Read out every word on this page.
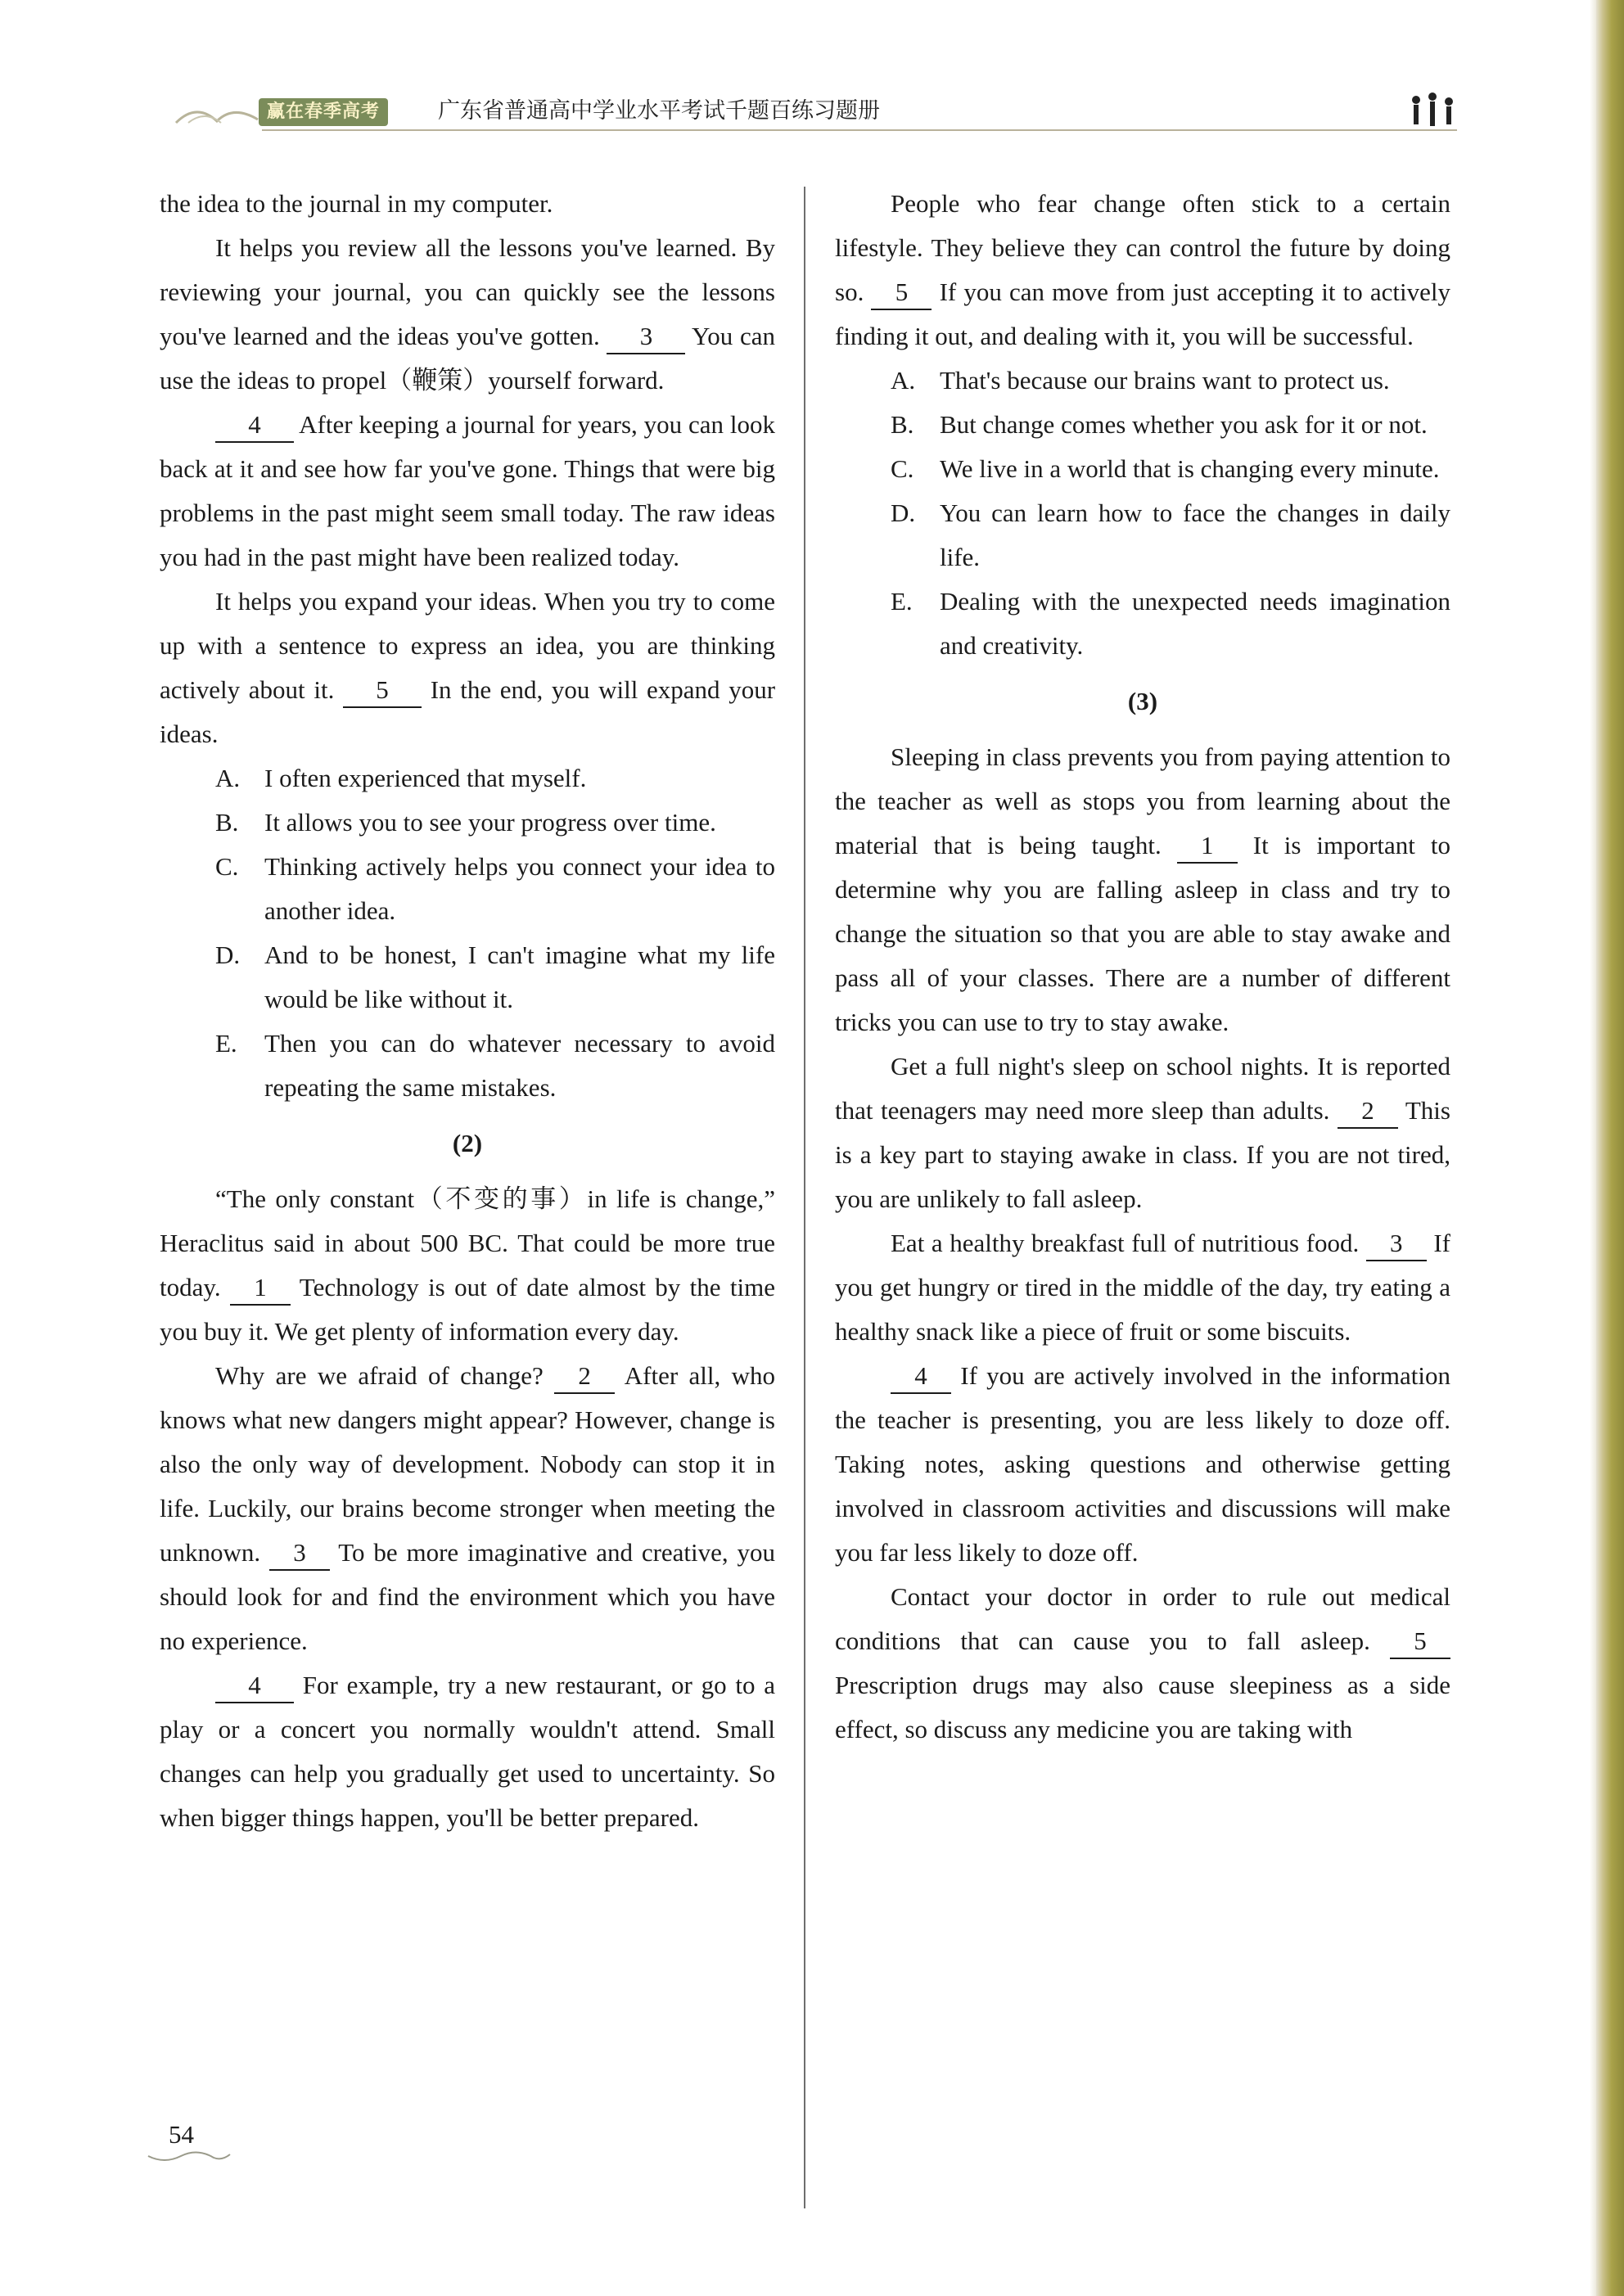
赢在春季高考	广东省普通高中学业水平考试千题百练习题册

the idea to the journal in my computer.

It helps you review all the lessons you've learned. By reviewing your journal, you can quickly see the lessons you've learned and the ideas you've gotten. 3 You can use the ideas to propel（鞭策）yourself forward.

4 After keeping a journal for years, you can look back at it and see how far you've gone. Things that were big problems in the past might seem small today. The raw ideas you had in the past might have been realized today.

It helps you expand your ideas. When you try to come up with a sentence to express an idea, you are thinking actively about it. 5 In the end, you will expand your ideas.

A. I often experienced that myself.

B. It allows you to see your progress over time.

C. Thinking actively helps you connect your idea to another idea.

D. And to be honest, I can't imagine what my life would be like without it.

E. Then you can do whatever necessary to avoid repeating the same mistakes.

(2)

“The only constant（不变的事）in life is change,” Heraclitus said in about 500 BC. That could be more true today. 1 Technology is out of date almost by the time you buy it. We get plenty of information every day.

Why are we afraid of change? 2 After all, who knows what new dangers might appear? However, change is also the only way of development. Nobody can stop it in life. Luckily, our brains become stronger when meeting the unknown. 3 To be more imaginative and creative, you should look for and find the environment which you have no experience.

4 For example, try a new restaurant, or go to a play or a concert you normally wouldn't attend. Small changes can help you gradually get used to uncertainty. So when bigger things happen, you'll be better prepared.

People who fear change often stick to a certain lifestyle. They believe they can control the future by doing so. 5 If you can move from just accepting it to actively finding it out, and dealing with it, you will be successful.

A. That's because our brains want to protect us.

B. But change comes whether you ask for it or not.

C. We live in a world that is changing every minute.

D. You can learn how to face the changes in daily life.

E. Dealing with the unexpected needs imagination and creativity.

(3)

Sleeping in class prevents you from paying attention to the teacher as well as stops you from learning about the material that is being taught. 1 It is important to determine why you are falling asleep in class and try to change the situation so that you are able to stay awake and pass all of your classes. There are a number of different tricks you can use to try to stay awake.

Get a full night's sleep on school nights. It is reported that teenagers may need more sleep than adults. 2 This is a key part to staying awake in class. If you are not tired, you are unlikely to fall asleep.

Eat a healthy breakfast full of nutritious food. 3 If you get hungry or tired in the middle of the day, try eating a healthy snack like a piece of fruit or some biscuits.

4 If you are actively involved in the information the teacher is presenting, you are less likely to doze off. Taking notes, asking questions and otherwise getting involved in classroom activities and discussions will make you far less likely to doze off.

Contact your doctor in order to rule out medical conditions that can cause you to fall asleep. 5 Prescription drugs may also cause sleepiness as a side effect, so discuss any medicine you are taking with

54
